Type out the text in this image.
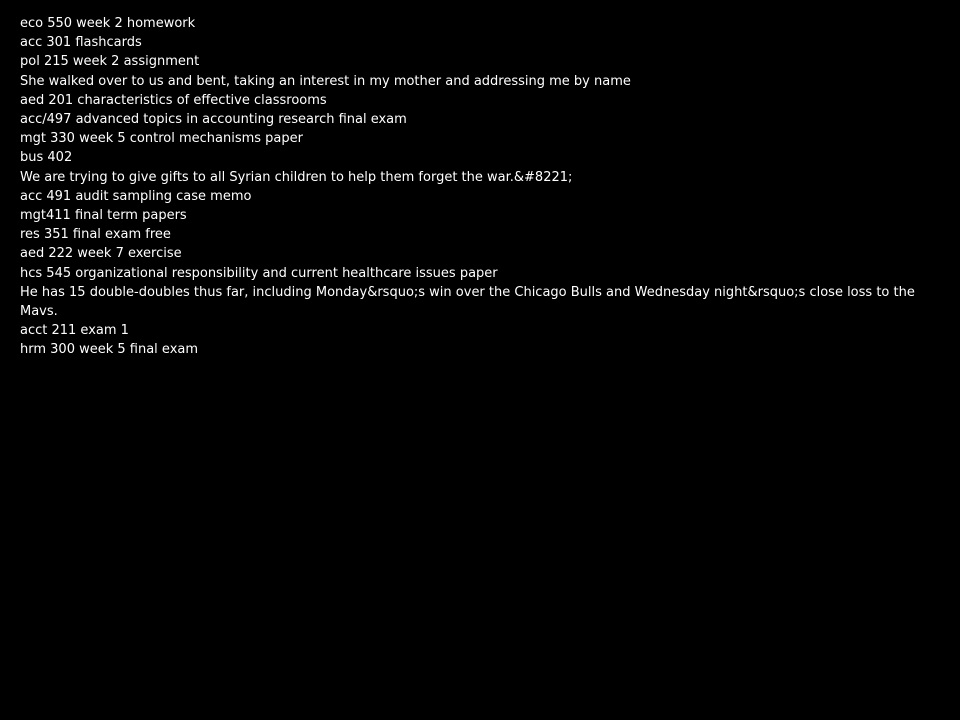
eco 550 week 2 homework

acc 301 flashcards

pol 215 week 2 assignment

She walked over to us and bent, taking an interest in my mother and addressing me by name

aed 201 characteristics of effective classrooms

acc/497 advanced topics in accounting research final exam

mgt 330 week 5 control mechanisms paper

bus 402

We are trying to give gifts to all Syrian children to help them forget the war.&#8221;

acc 491 audit sampling case memo

mgt411 final term papers

res 351 final exam free

aed 222 week 7 exercise

hcs 545 organizational responsibility and current healthcare issues paper

He has 15 double-doubles thus far, including Monday&rsquo;s win over the Chicago Bulls and Wednesday night&rsquo;s close loss to the Mavs.

acct 211 exam 1

hrm 300 week 5 final exam
